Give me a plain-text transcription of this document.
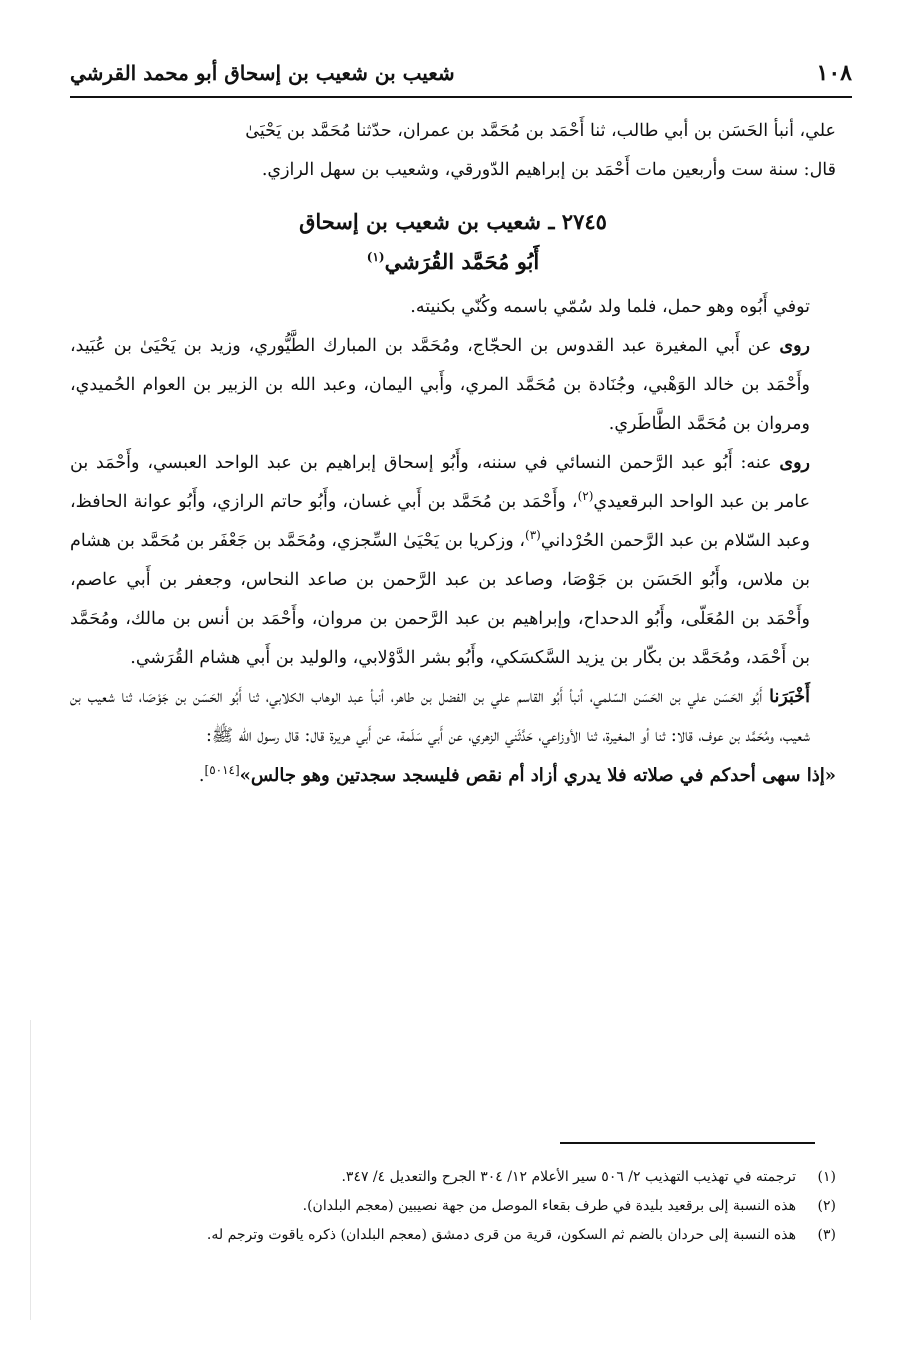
١٠٨
شعيب بن شعيب بن إسحاق أبو محمد القرشي

علي، أنبأ الحَسَن بن أبي طالب، ثنا أَحْمَد بن مُحَمَّد بن عمران، حدّثنا مُحَمَّد بن يَحْيَىٰ

قال: سنة ست وأربعين مات أَحْمَد بن إبراهيم الدّورقي، وشعيب بن سهل الرازي.

٢٧٤٥ ـ شعيب بن شعيب بن إسحاق
أَبُو مُحَمَّد القُرَشي$^{(١)}$

توفي أَبُوه وهو حمل، فلما ولد سُمّي باسمه وكُنّي بكنيته.

روى عن أَبي المغيرة عبد القدوس بن الحجّاج، ومُحَمَّد بن المبارك الطَّيُّوري، وزيد بن يَحْيَىٰ بن عُبَيد، وأَحْمَد بن خالد الوَهْبي، وجُنَادة بن مُحَمَّد المري، وأَبي اليمان، وعبد الله بن الزبير بن العوام الحُميدي، ومروان بن مُحَمَّد الطَّاطَري.

روى عنه: أَبُو عبد الرَّحمن النسائي في سننه، وأَبُو إسحاق إبراهيم بن عبد الواحد العبسي، وأَحْمَد بن عامر بن عبد الواحد البرقعيدي$^{(٢)}$، وأَحْمَد بن مُحَمَّد بن أَبي غسان، وأَبُو حاتم الرازي، وأَبُو عوانة الحافظ، وعبد السّلام بن عبد الرَّحمن الحُرْداني$^{(٣)}$، وزكريا بن يَحْيَىٰ السِّجزي، ومُحَمَّد بن جَعْفَر بن مُحَمَّد بن هشام بن ملاس، وأَبُو الحَسَن بن جَوْصَا، وصاعد بن عبد الرَّحمن بن صاعد النحاس، وجعفر بن أَبي عاصم، وأَحْمَد بن المُعَلّى، وأَبُو الدحداح، وإبراهيم بن عبد الرَّحمن بن مروان، وأَحْمَد بن أنس بن مالك، ومُحَمَّد بن أَحْمَد، ومُحَمَّد بن بكّار بن يزيد السَّكسَكي، وأَبُو بشر الدَّوْلابي، والوليد بن أَبي هشام القُرَشي.

أَخْبَرَنا أَبُو الحَسَن علي بن الحَسَن السّلمي، أنبأ أَبُو القاسم علي بن الفضل بن طاهر، أنبأ عبد الوهاب الكلابي، ثنا أَبُو الحَسَن بن جَوْصَا، ثنا شعيب بن شعيب، ومُحَمَّد بن عوف، قالا: ثنا أو المغيرة، ثنا الأوزاعي، حَدَّثَني الزهري، عن أَبي سَلَمة، عن أَبي هريرة قال: قال رسول الله ﷺ:

«إذا سهى أحدكم في صلاته فلا يدري أزاد أم نقص فليسجد سجدتين وهو جالس»[٥٠١٤].

(١)
ترجمته في تهذيب التهذيب ٢/ ٥٠٦ سير الأعلام ١٢/ ٣٠٤ الجرح والتعديل ٤/ ٣٤٧.
(٢)
هذه النسبة إلى برقعيد بليدة في طرف بقعاء الموصل من جهة نصيبين (معجم البلدان).
(٣)
هذه النسبة إلى حردان بالضم ثم السكون، قرية من قرى دمشق (معجم البلدان) ذكره ياقوت وترجم له.
